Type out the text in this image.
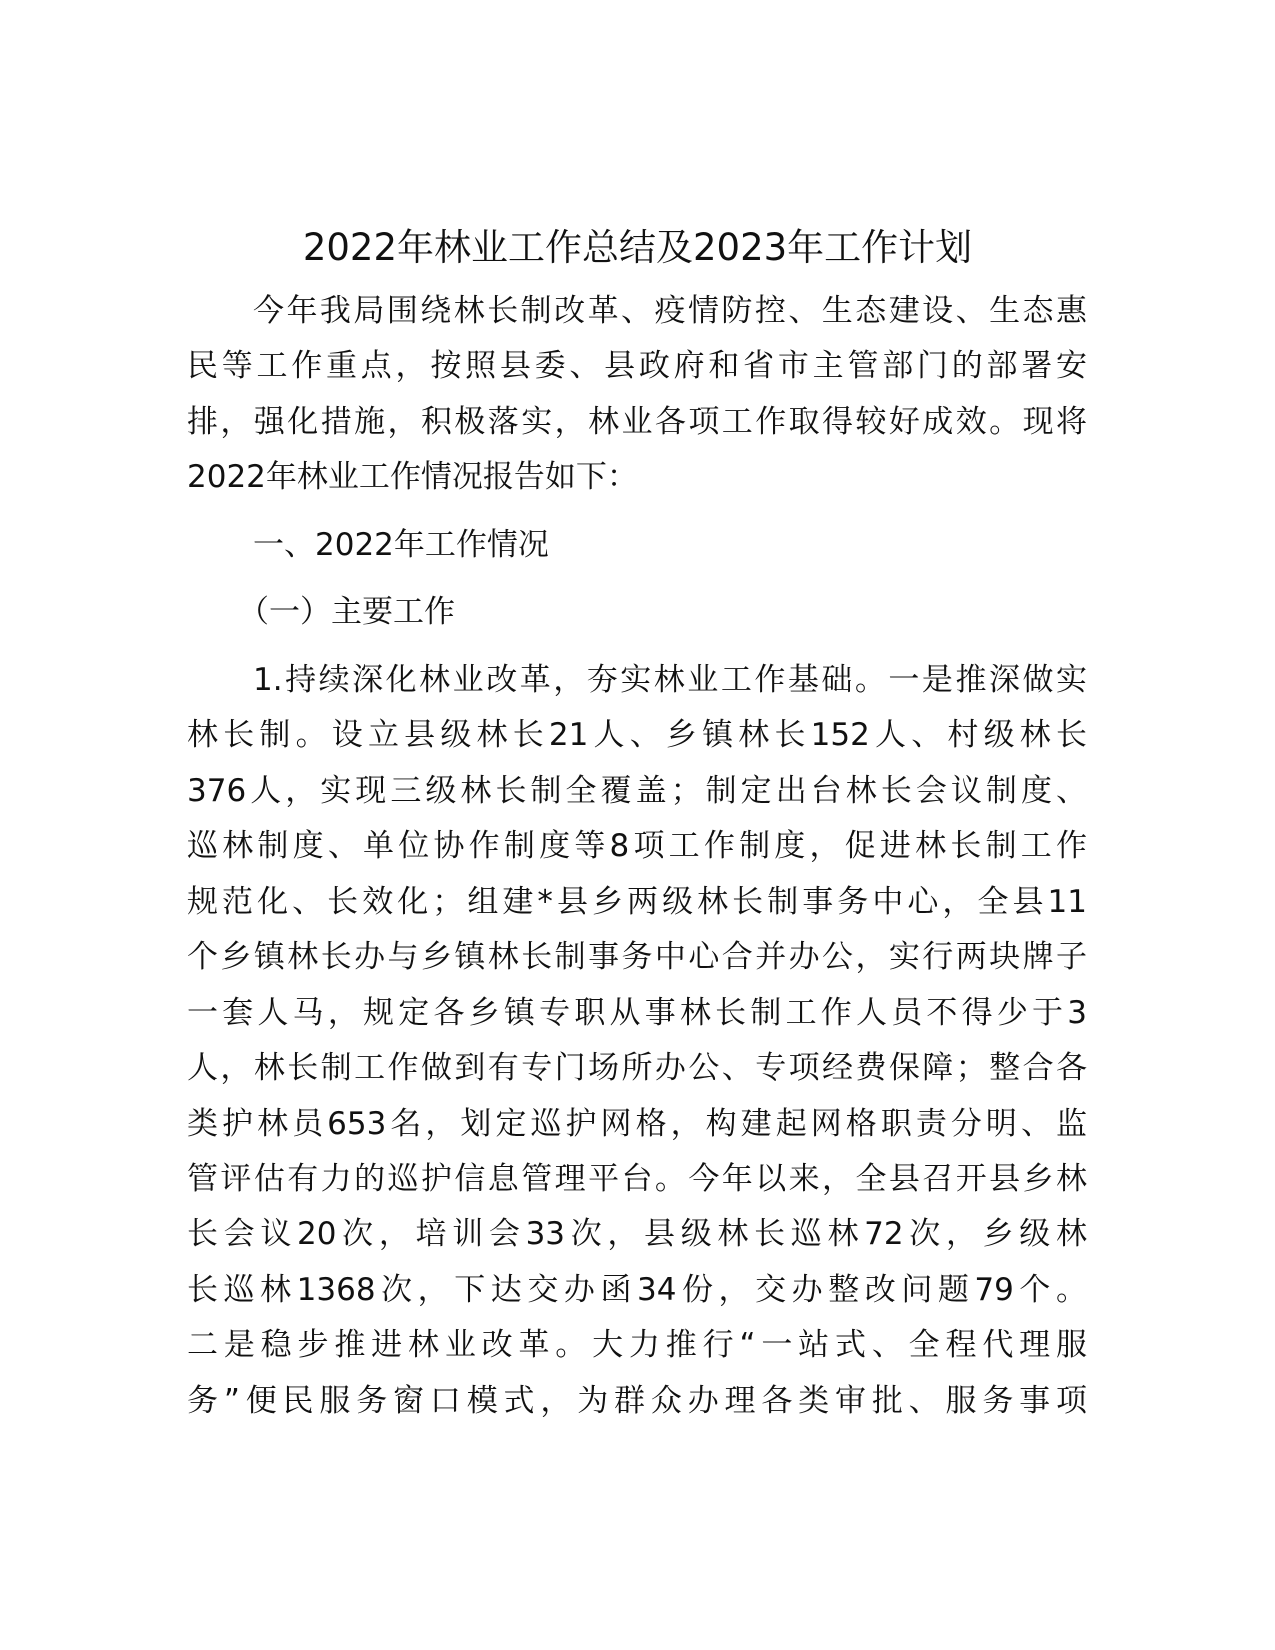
2022年林业工作总结及2023年工作计划

今年我局围绕林长制改革、疫情防控、生态建设、生态惠

民等工作重点，按照县委、县政府和省市主管部门的部署安

排，强化措施，积极落实，林业各项工作取得较好成效。现将

2022年林业工作情况报告如下：

一、2022年工作情况

（一）主要工作

1.持续深化林业改革，夯实林业工作基础。一是推深做实

林长制。设立县级林长21人、乡镇林长152人、村级林长

376人，实现三级林长制全覆盖；制定出台林长会议制度、

巡林制度、单位协作制度等8项工作制度，促进林长制工作

规范化、长效化；组建*县乡两级林长制事务中心，全县11

个乡镇林长办与乡镇林长制事务中心合并办公，实行两块牌子

一套人马，规定各乡镇专职从事林长制工作人员不得少于3

人，林长制工作做到有专门场所办公、专项经费保障；整合各

类护林员653名，划定巡护网格，构建起网格职责分明、监

管评估有力的巡护信息管理平台。今年以来，全县召开县乡林

长会议20次，培训会33次，县级林长巡林72次，乡级林

长巡林1368次，下达交办函34份，交办整改问题79个。

二是稳步推进林业改革。大力推行“一站式、全程代理服

务”便民服务窗口模式，为群众办理各类审批、服务事项
